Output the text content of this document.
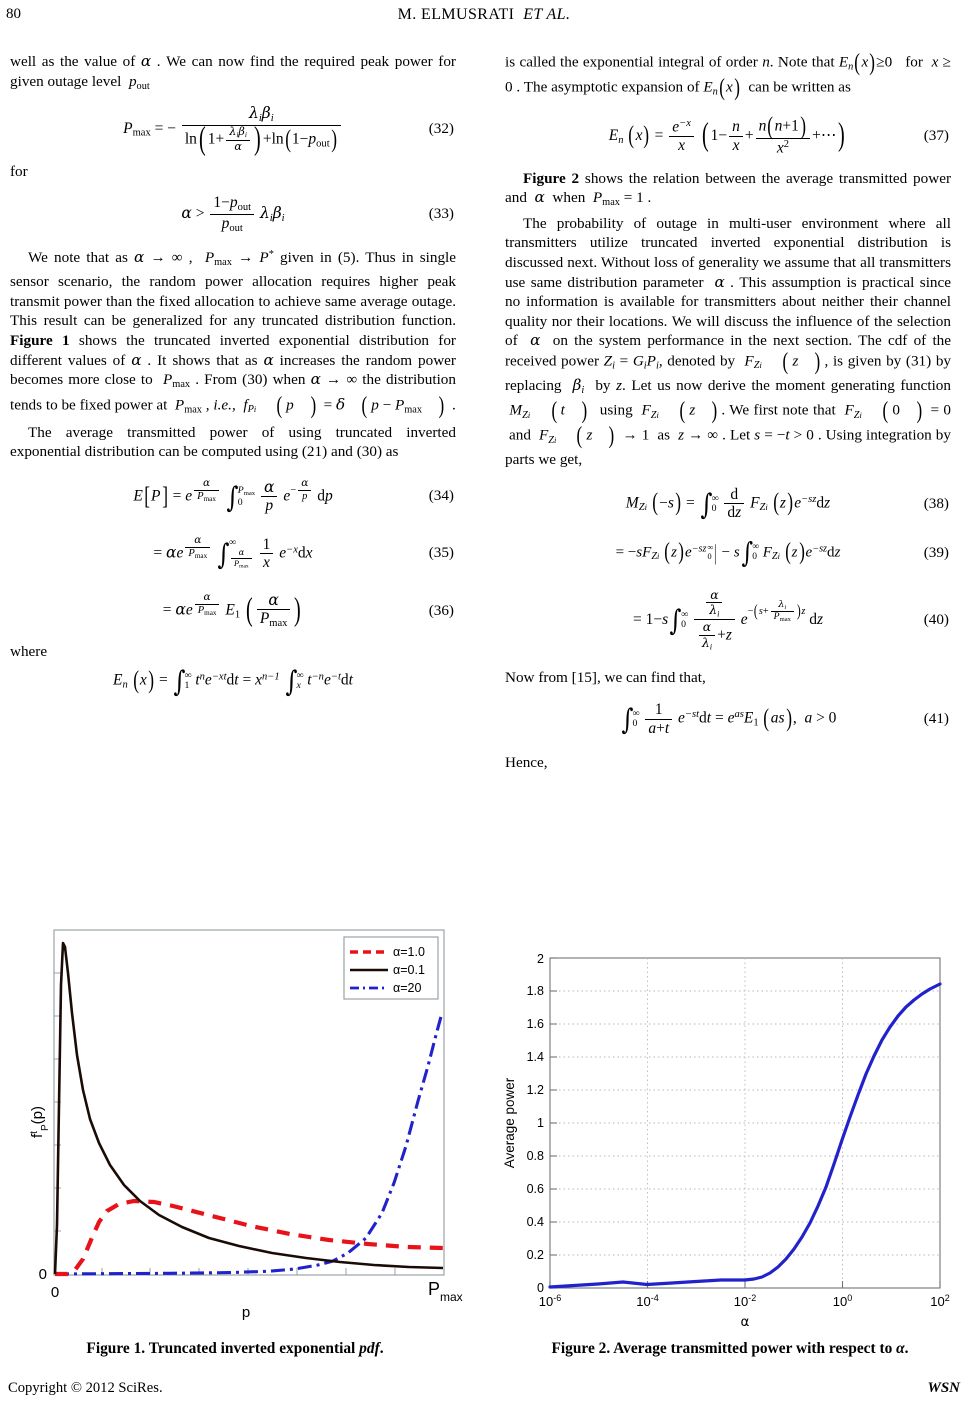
80	M. ELMUSRATI ET AL.

well as the value of α . We can now find the required peak power for given outage level  $p_{out}$

$P_{max}$ = − $\frac{\text{λiβi}}{\ln( 1+ \frac{\text{λiβi}}{\alpha} ) +\ln(1-p_{out})}$	(32)

for

$\alpha > \frac{1-p_{out}}{p_{out}}$ λiβi	(33)

We note that as α → ∞ ,  $P_{max} \to P^*$ given in (5). Thus in single sensor scenario, the random power allocation requires higher peak transmit power than the fixed allocation to achieve same average outage. This result can be generalized for any truncated distribution function. Figure 1 shows the truncated inverted exponential distribution for different values of α . It shows that as α increases the random power becomes more close to  $P_{max}$ . From (30) when α → ∞ the distribution tends to be fixed power at  $P_{max}$ , i.e.,  fPi ( p ) = δ ( $p - P_{max}$ ) .

The average transmitted power of using truncated inverted exponential distribution can be computed using (21) and (30) as

E[P] = e $^{\frac{\alpha}{P_{max}}}$ ∫ $P_{max}$
0
	$\frac{\alpha}{p} e^{- \frac{\alpha}{p}}$ dp	(34)
= αe $^{\frac{\alpha}{P_{max}}}$ ∫ ∞
$\frac{\alpha}{P_{max}}$
$\frac{1}{x} e^{-x}dx$	(35)
= αe $^{\frac{\alpha}{P_{max}}}$ $E_1$ ( $\frac{\alpha}{P_{max}}$ )	(36)

where

En (x) = ∫ ∞
1 $t^ne^{-xt}dt = x^{n-1}$ ∫ ∞
x $t^{-n}e^{-t}dt$

is called the exponential integral of order n. Note that En(x)≥0   for  x ≥ 0 . The asymptotic expansion of En(x)  can be written as

En $(x) = \frac{e^{-x}}{x}$ ( $1- \frac{n}{x} + \frac{n(n+1)}{x^2}$ +⋯)	(37)

Figure 2 shows the relation between the average transmitted power and  α  when  $P_{max} = 1$ .

The probability of outage in multi-user environment where all transmitters utilize truncated inverted exponential distribution is discussed next. Without loss of generality we assume that all transmitters use same distribution parameter  α . This assumption is practical since no information is available for transmitters about neither their channel quality nor their locations. We will discuss the influence of the selection of  α  on the system performance in the next section. The cdf of the received power Zi = GiPi, denoted by  FZi ( z ) , is given by (31) by replacing  βi  by z. Let us now derive the moment generating function  MZi ( t )  using  FZi ( z ) . We first note that  FZi ( 0 ) = 0  and  FZi ( z ) → 1  as  z → ∞ . Let s = −t > 0 . Using integration by parts we get,

MZi (−s) = ∫ ∞
0
$\frac{d}{dz}$ FZi $(z)e^{-sz}dz$	(38)
= −sFZi $(z)e^{-sz}$ ∞
0 | − s∫ ∞
0 FZi $(z)e^{-sz}dz$	(39)
= 1−s∫ ∞
0
$\frac{\frac{\alpha}{\lambda i}}{\frac{\alpha}{\lambda i} +z} e^{-(s+ \frac{\lambda i}{P_{max}} )z}$ dz	(40)

Now from [15], we can find that,

∫ ∞
0
$\frac{1}{a+t} e^{-st}dt = e^{as}E_1$ (as),  a > 0	(41)

Hence,

α=1.0
α=0.1
α=20
$f^t_P(p)$
0
0	$P_{max}$
p
Figure 1. Truncated inverted exponential pdf.
0
0.2
0.4
0.6
0.8
1
1.2
1.4
1.6
1.8
2
$10^{-6}$	$10^{-4}$	$10^{-2}$	$10^0$	$10^2$
Average power
α
Figure 2. Average transmitted power with respect to α.
Copyright © 2012 SciRes.	WSN
